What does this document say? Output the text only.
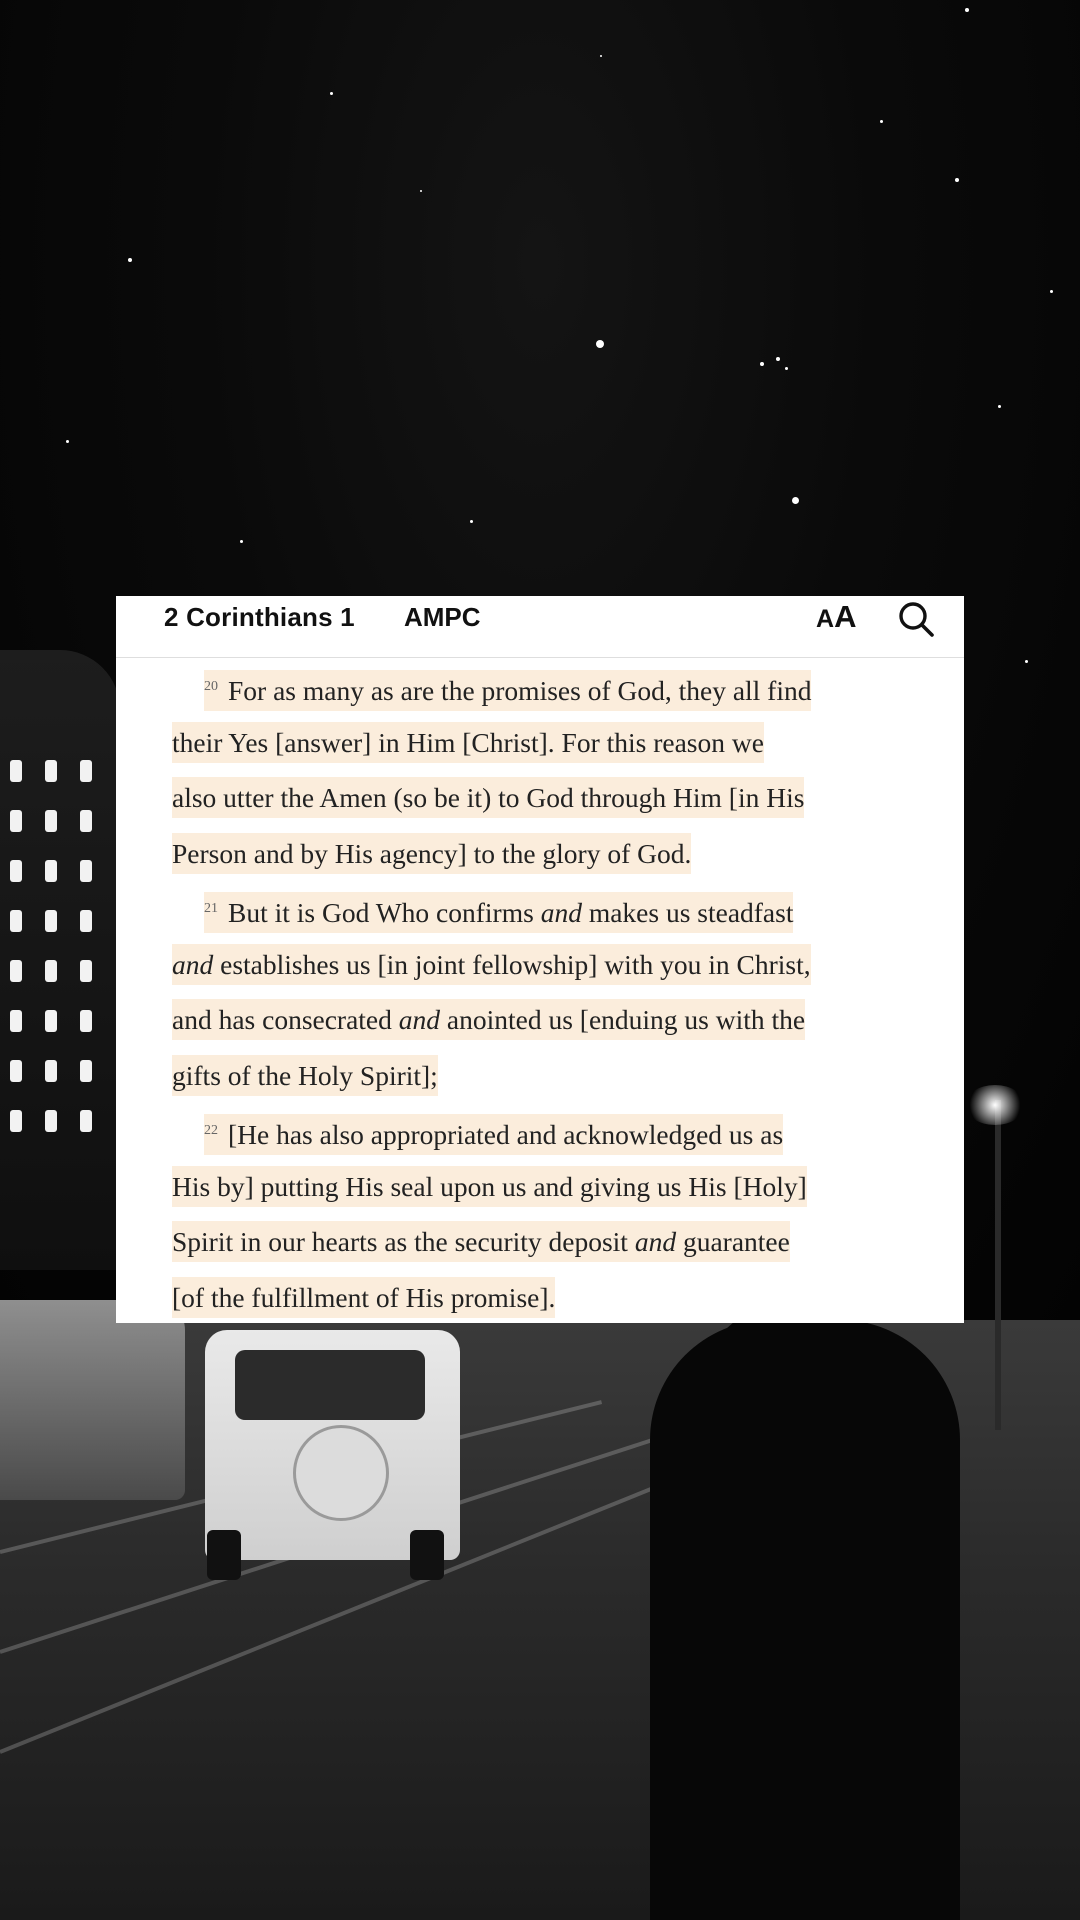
2 Corinthians 1 AMPC	AA
$^{20}$ For as many as are the promises of God, they all find
their Yes [answer] in Him [Christ]. For this reason we
also utter the Amen (so be it) to God through Him [in His
Person and by His agency] to the glory of God.
$^{21}$ But it is God Who confirms and makes us steadfast
and establishes us [in joint fellowship] with you in Christ,
and has consecrated and anointed us [enduing us with the
gifts of the Holy Spirit];
$^{22}$ [He has also appropriated and acknowledged us as
His by] putting His seal upon us and giving us His [Holy]
Spirit in our hearts as the security deposit and guarantee
[of the fulfillment of His promise].
